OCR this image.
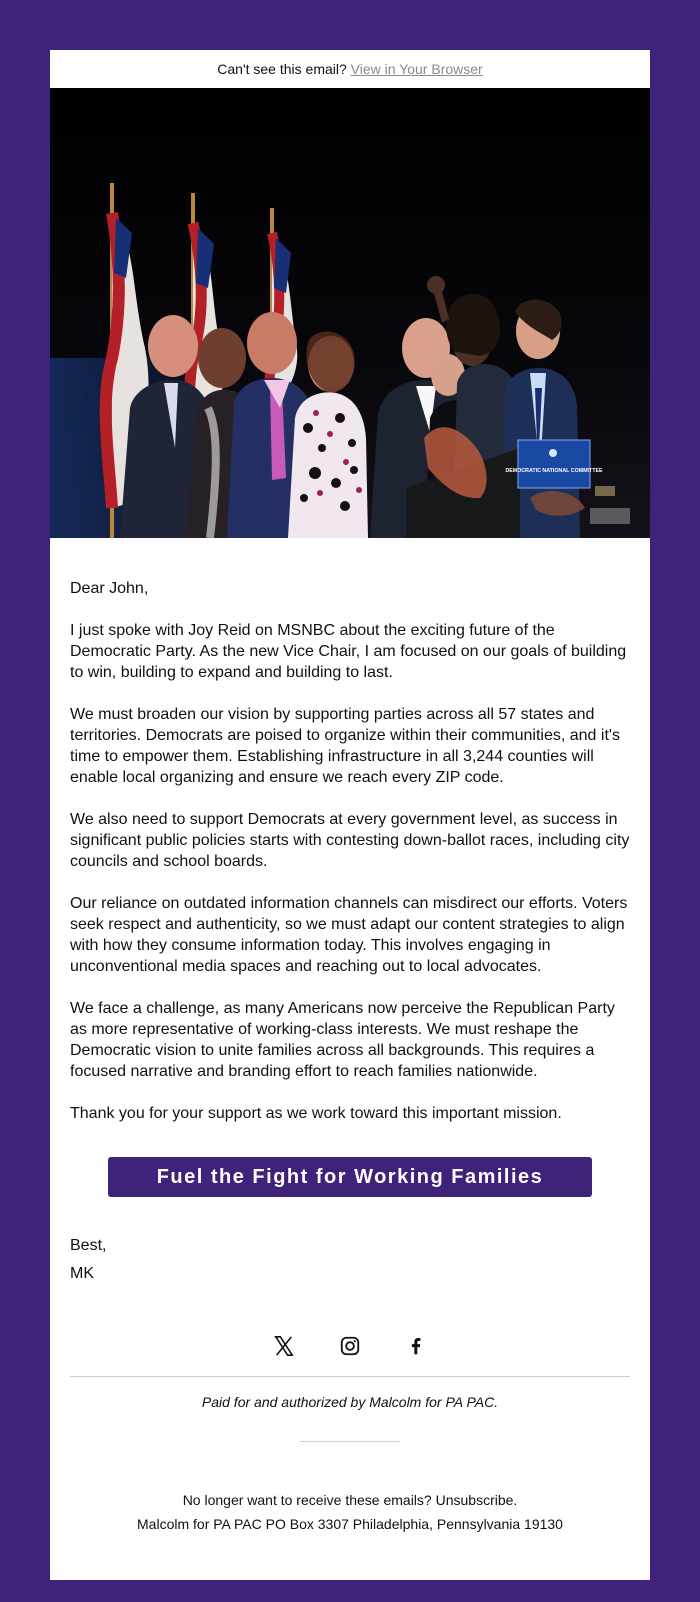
Can't see this email? View in Your Browser
DEMOCRATIC NATIONAL COMMITTEE

Dear John,

I just spoke with Joy Reid on MSNBC about the exciting future of the Democratic Party. As the new Vice Chair, I am focused on our goals of building to win, building to expand and building to last.

We must broaden our vision by supporting parties across all 57 states and territories. Democrats are poised to organize within their communities, and it's time to empower them. Establishing infrastructure in all 3,244 counties will enable local organizing and ensure we reach every ZIP code.

We also need to support Democrats at every government level, as success in significant public policies starts with contesting down-ballot races, including city councils and school boards.

Our reliance on outdated information channels can misdirect our efforts. Voters seek respect and authenticity, so we must adapt our content strategies to align with how they consume information today. This involves engaging in unconventional media spaces and reaching out to local advocates.

We face a challenge, as many Americans now perceive the Republican Party as more representative of working-class interests. We must reshape the Democratic vision to unite families across all backgrounds. This requires a focused narrative and branding effort to reach families nationwide.

Thank you for your support as we work toward this important mission.

Fuel the Fight for Working Families
Best,
MK
Paid for and authorized by Malcolm for PA PAC.
No longer want to receive these emails? Unsubscribe.
Malcolm for PA PAC PO Box 3307 Philadelphia, Pennsylvania 19130
